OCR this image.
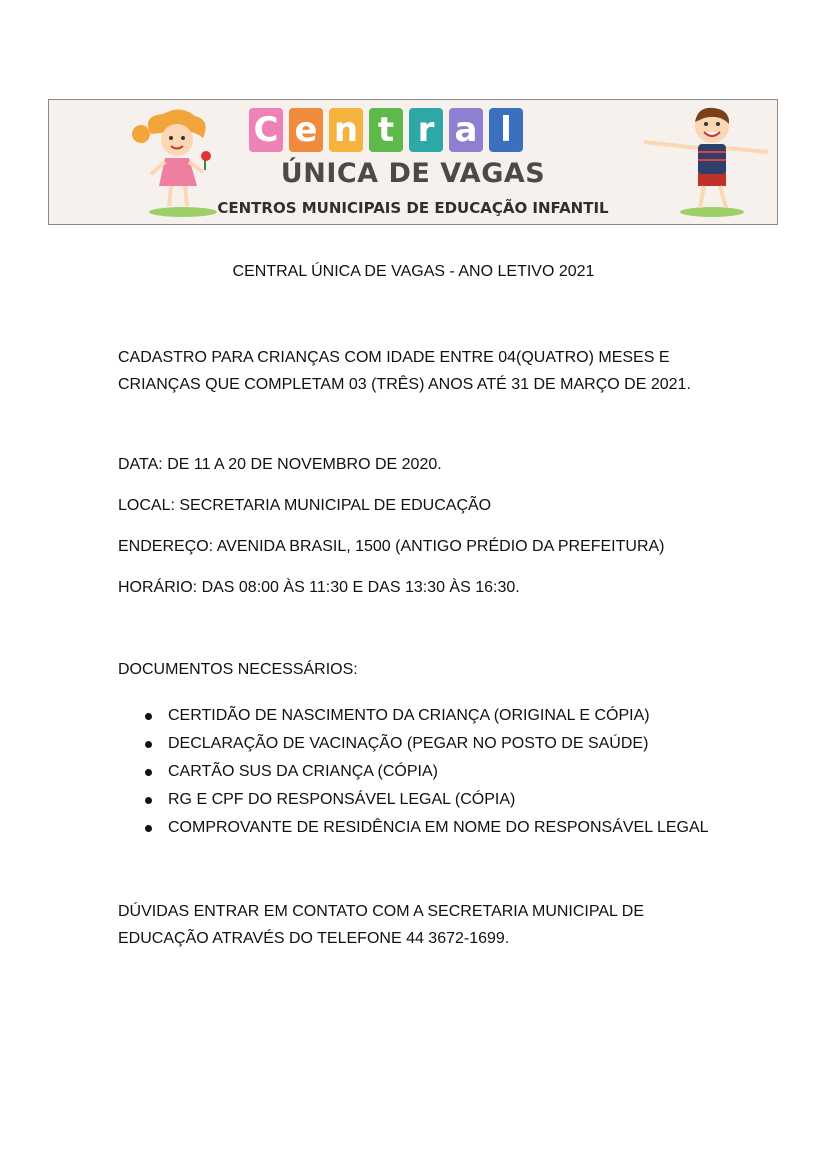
C e n t r a l
ÚNICA DE VAGAS
CENTROS MUNICIPAIS DE EDUCAÇÃO INFANTIL
CENTRAL ÚNICA DE VAGAS - ANO LETIVO 2021
CADASTRO PARA CRIANÇAS COM IDADE ENTRE 04(QUATRO) MESES E CRIANÇAS QUE COMPLETAM 03 (TRÊS) ANOS ATÉ 31 DE MARÇO DE 2021.
DATA: DE 11 A 20 DE NOVEMBRO DE 2020.
LOCAL: SECRETARIA MUNICIPAL DE EDUCAÇÃO
ENDEREÇO: AVENIDA BRASIL, 1500 (ANTIGO PRÉDIO DA PREFEITURA)
HORÁRIO: DAS 08:00 ÀS 11:30 E DAS 13:30 ÀS 16:30.
DOCUMENTOS NECESSÁRIOS:
CERTIDÃO DE NASCIMENTO DA CRIANÇA (ORIGINAL E CÓPIA)
DECLARAÇÃO DE VACINAÇÃO (PEGAR NO POSTO DE SAÚDE)
CARTÃO SUS DA CRIANÇA (CÓPIA)
RG E CPF DO RESPONSÁVEL LEGAL (CÓPIA)
COMPROVANTE DE RESIDÊNCIA EM NOME DO RESPONSÁVEL LEGAL
DÚVIDAS ENTRAR EM CONTATO COM A SECRETARIA MUNICIPAL DE EDUCAÇÃO ATRAVÉS DO TELEFONE 44 3672-1699.
